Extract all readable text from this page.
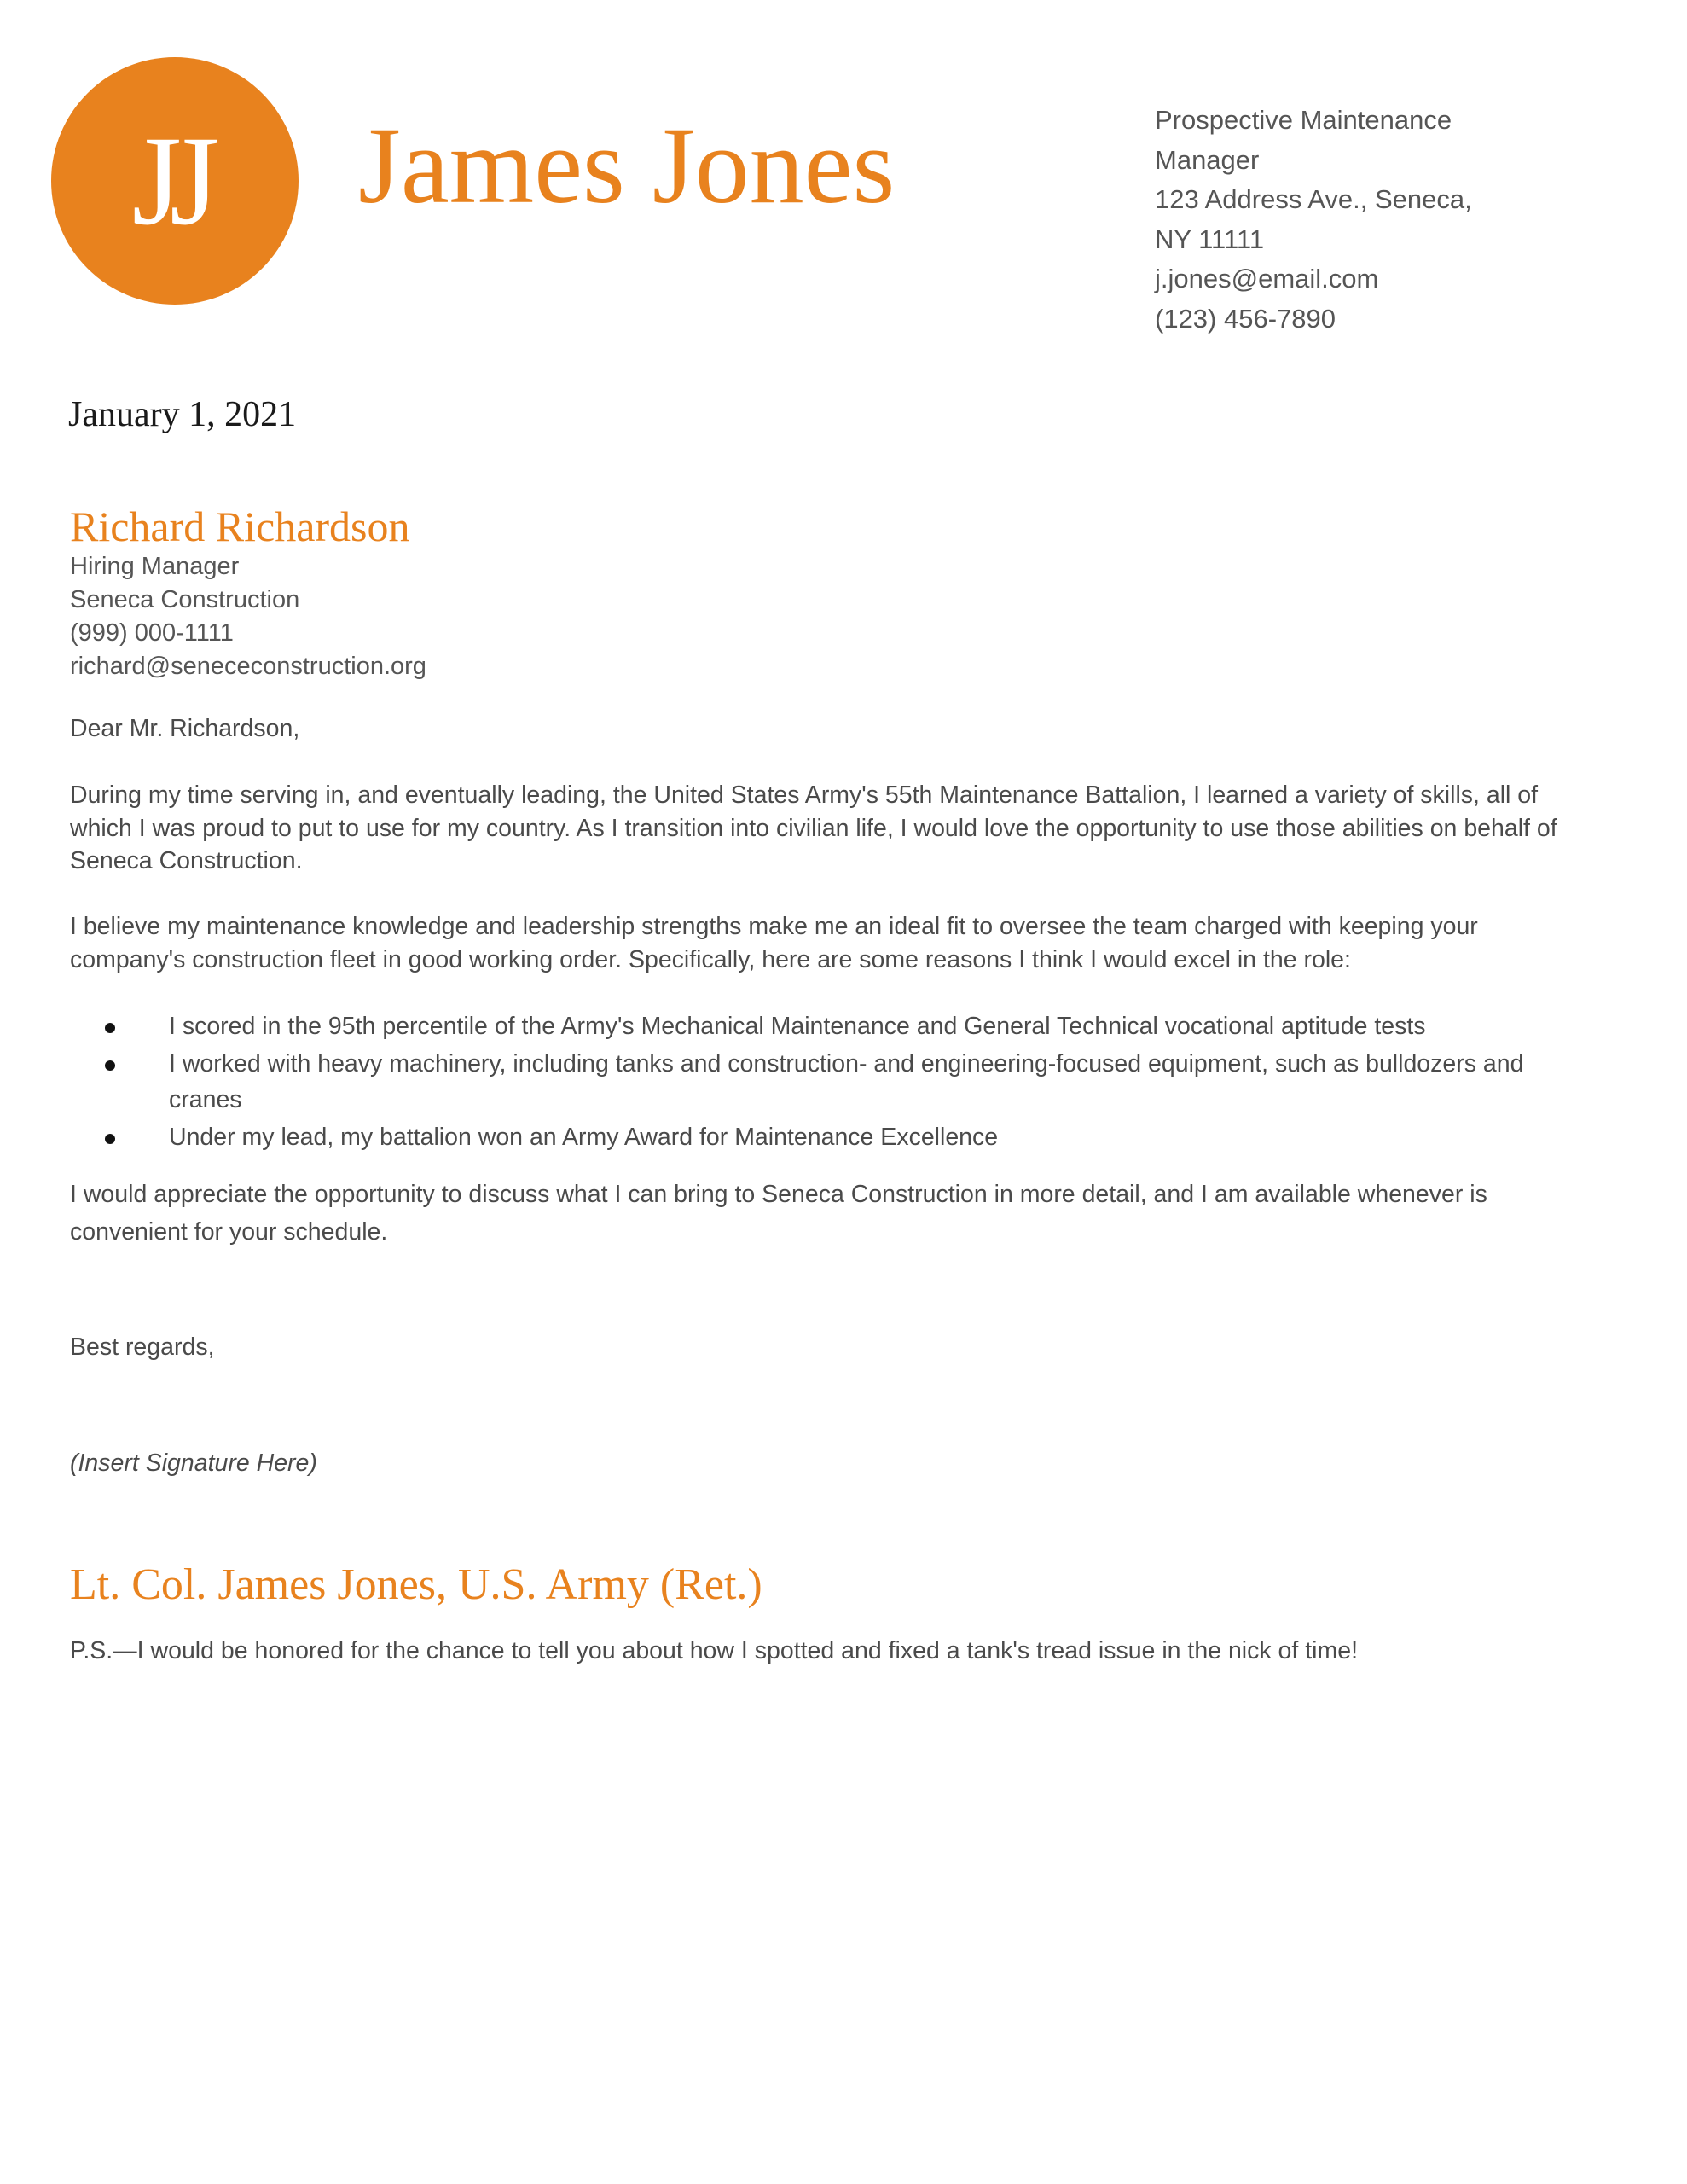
JJ James Jones	Prospective Maintenance
Manager
123 Address Ave., Seneca,
NY 11111
j.jones@email.com
(123) 456-7890
January 1, 2021
Richard Richardson
Hiring Manager
Seneca Construction
(999) 000-1111
richard@senececonstruction.org
Dear Mr. Richardson,
During my time serving in, and eventually leading, the United States Army's 55th Maintenance Battalion, I learned a variety of skills, all of
which I was proud to put to use for my country. As I transition into civilian life, I would love the opportunity to use those abilities on behalf of
Seneca Construction.
I believe my maintenance knowledge and leadership strengths make me an ideal fit to oversee the team charged with keeping your
company's construction fleet in good working order. Specifically, here are some reasons I think I would excel in the role:
I scored in the 95th percentile of the Army's Mechanical Maintenance and General Technical vocational aptitude tests
I worked with heavy machinery, including tanks and construction- and engineering-focused equipment, such as bulldozers and
cranes
Under my lead, my battalion won an Army Award for Maintenance Excellence
I would appreciate the opportunity to discuss what I can bring to Seneca Construction in more detail, and I am available whenever is
convenient for your schedule.
Best regards,
(Insert Signature Here)
Lt. Col. James Jones, U.S. Army (Ret.)
P.S.—I would be honored for the chance to tell you about how I spotted and fixed a tank's tread issue in the nick of time!
